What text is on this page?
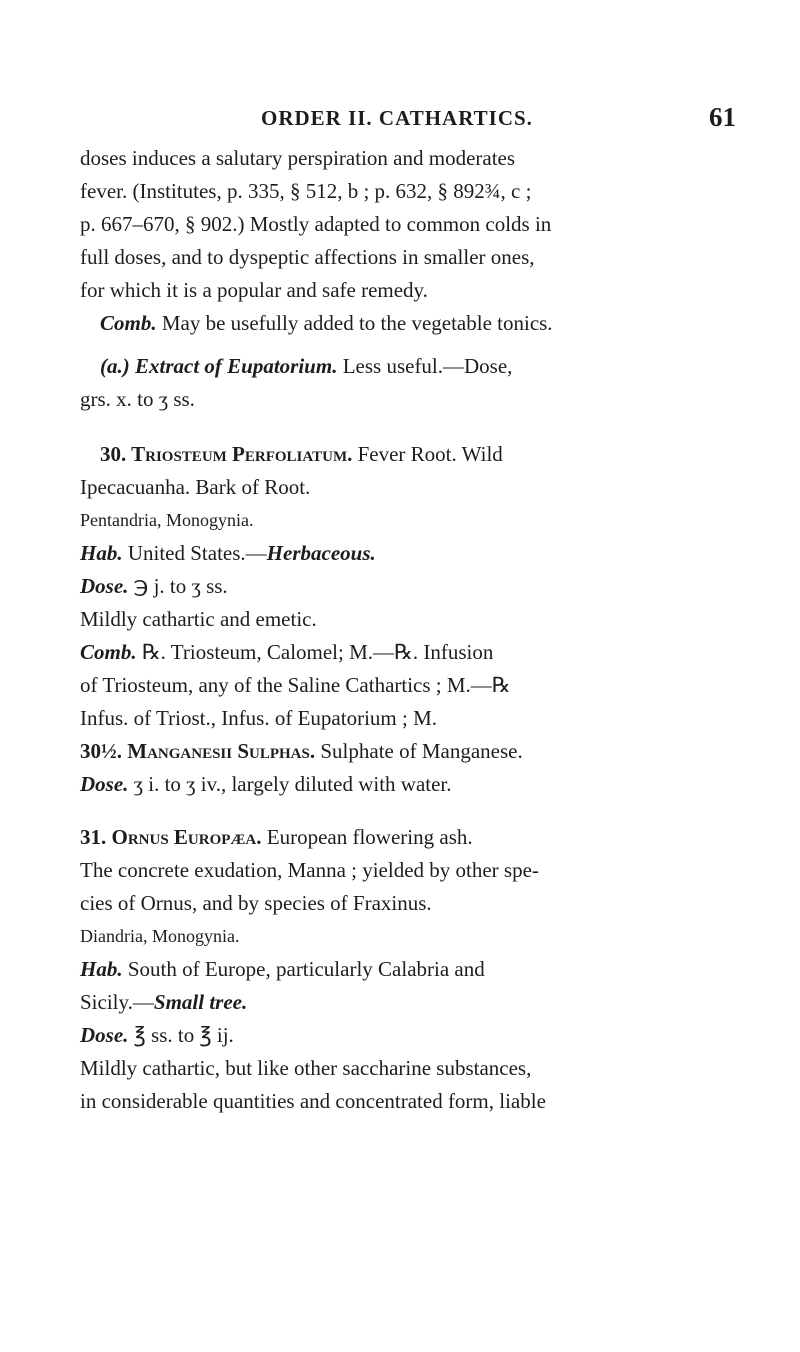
ORDER II. CATHARTICS.	61

doses induces a salutary perspiration and moderates

fever. (Institutes, p. 335, § 512, b ; p. 632, § 892¾, c ;

p. 667–670, § 902.) Mostly adapted to common colds in

full doses, and to dyspeptic affections in smaller ones,

for which it is a popular and safe remedy.

Comb. May be usefully added to the vegetable tonics.

(a.) Extract of Eupatorium. Less useful.—Dose,

grs. x. to ʒ ss.

30. Triosteum Perfoliatum. Fever Root. Wild

Ipecacuanha. Bark of Root.

Pentandria, Monogynia.

Hab. United States.—Herbaceous.

Dose. ℈ j. to ʒ ss.

Mildly cathartic and emetic.

Comb. ℞. Triosteum, Calomel; M.—℞. Infusion

of Triosteum, any of the Saline Cathartics ; M.—℞

Infus. of Triost., Infus. of Eupatorium ; M.

30½. Manganesii Sulphas. Sulphate of Manganese.

Dose. ʒ i. to ʒ iv., largely diluted with water.

31. Ornus Europæa. European flowering ash.

The concrete exudation, Manna ; yielded by other spe-

cies of Ornus, and by species of Fraxinus.

Diandria, Monogynia.

Hab. South of Europe, particularly Calabria and

Sicily.—Small tree.

Dose. ℥ ss. to ℥ ij.

Mildly cathartic, but like other saccharine substances,

in considerable quantities and concentrated form, liable
